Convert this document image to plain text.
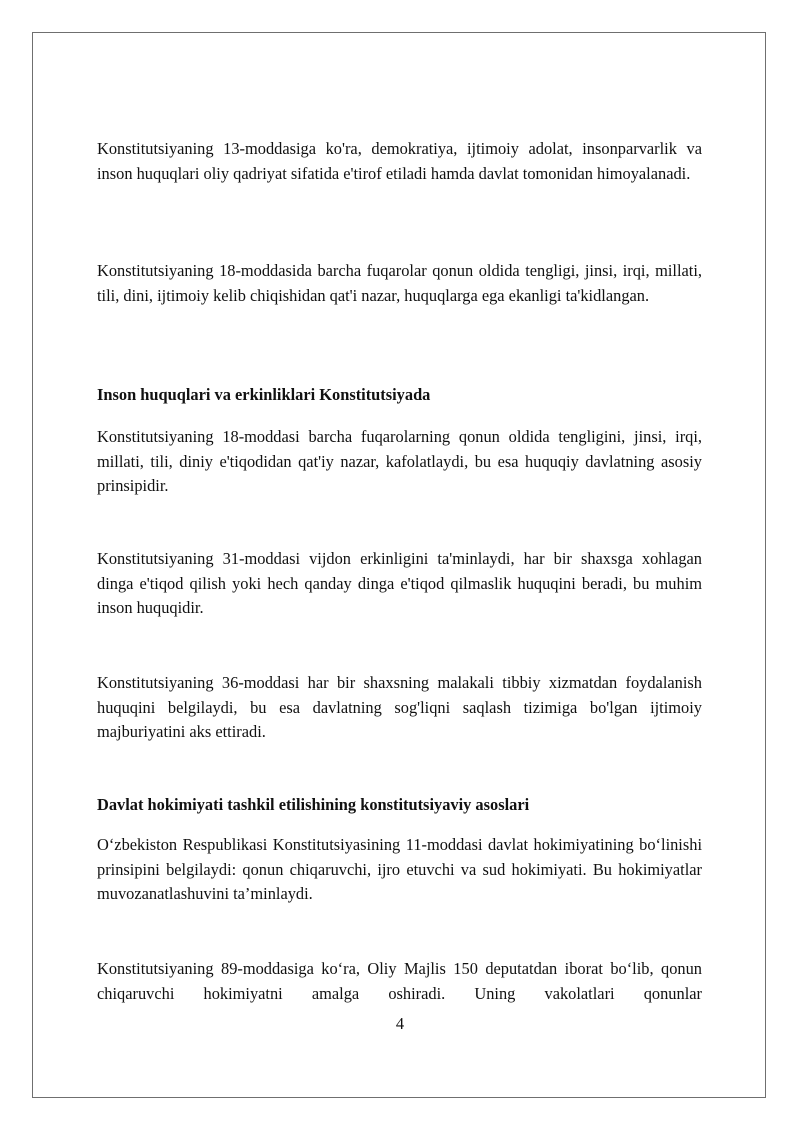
Konstitutsiyaning 13-moddasiga ko'ra, demokratiya, ijtimoiy adolat, insonparvarlik va inson huquqlari oliy qadriyat sifatida e'tirof etiladi hamda davlat tomonidan himoyalanadi.

Konstitutsiyaning 18-moddasida barcha fuqarolar qonun oldida tengligi, jinsi, irqi, millati, tili, dini, ijtimoiy kelib chiqishidan qat'i nazar, huquqlarga ega ekanligi ta'kidlangan.

Inson huquqlari va erkinliklari Konstitutsiyada

Konstitutsiyaning 18-moddasi barcha fuqarolarning qonun oldida tengligini, jinsi, irqi, millati, tili, diniy e'tiqodidan qat'iy nazar, kafolatlaydi, bu esa huquqiy davlatning asosiy prinsipidir.

Konstitutsiyaning 31-moddasi vijdon erkinligini ta'minlaydi, har bir shaxsga xohlagan dinga e'tiqod qilish yoki hech qanday dinga e'tiqod qilmaslik huquqini beradi, bu muhim inson huquqidir.

Konstitutsiyaning 36-moddasi har bir shaxsning malakali tibbiy xizmatdan foydalanish huquqini belgilaydi, bu esa davlatning sog'liqni saqlash tizimiga bo'lgan ijtimoiy majburiyatini aks ettiradi.

Davlat hokimiyati tashkil etilishining konstitutsiyaviy asoslari

O‘zbekiston Respublikasi Konstitutsiyasining 11-moddasi davlat hokimiyatining bo‘linishi prinsipini belgilaydi: qonun chiqaruvchi, ijro etuvchi va sud hokimiyati. Bu hokimiyatlar muvozanatlashuvini ta’minlaydi.

Konstitutsiyaning 89-moddasiga ko‘ra, Oliy Majlis 150 deputatdan iborat bo‘lib, qonun chiqaruvchi hokimiyatni amalga oshiradi. Uning vakolatlari qonunlar

4
